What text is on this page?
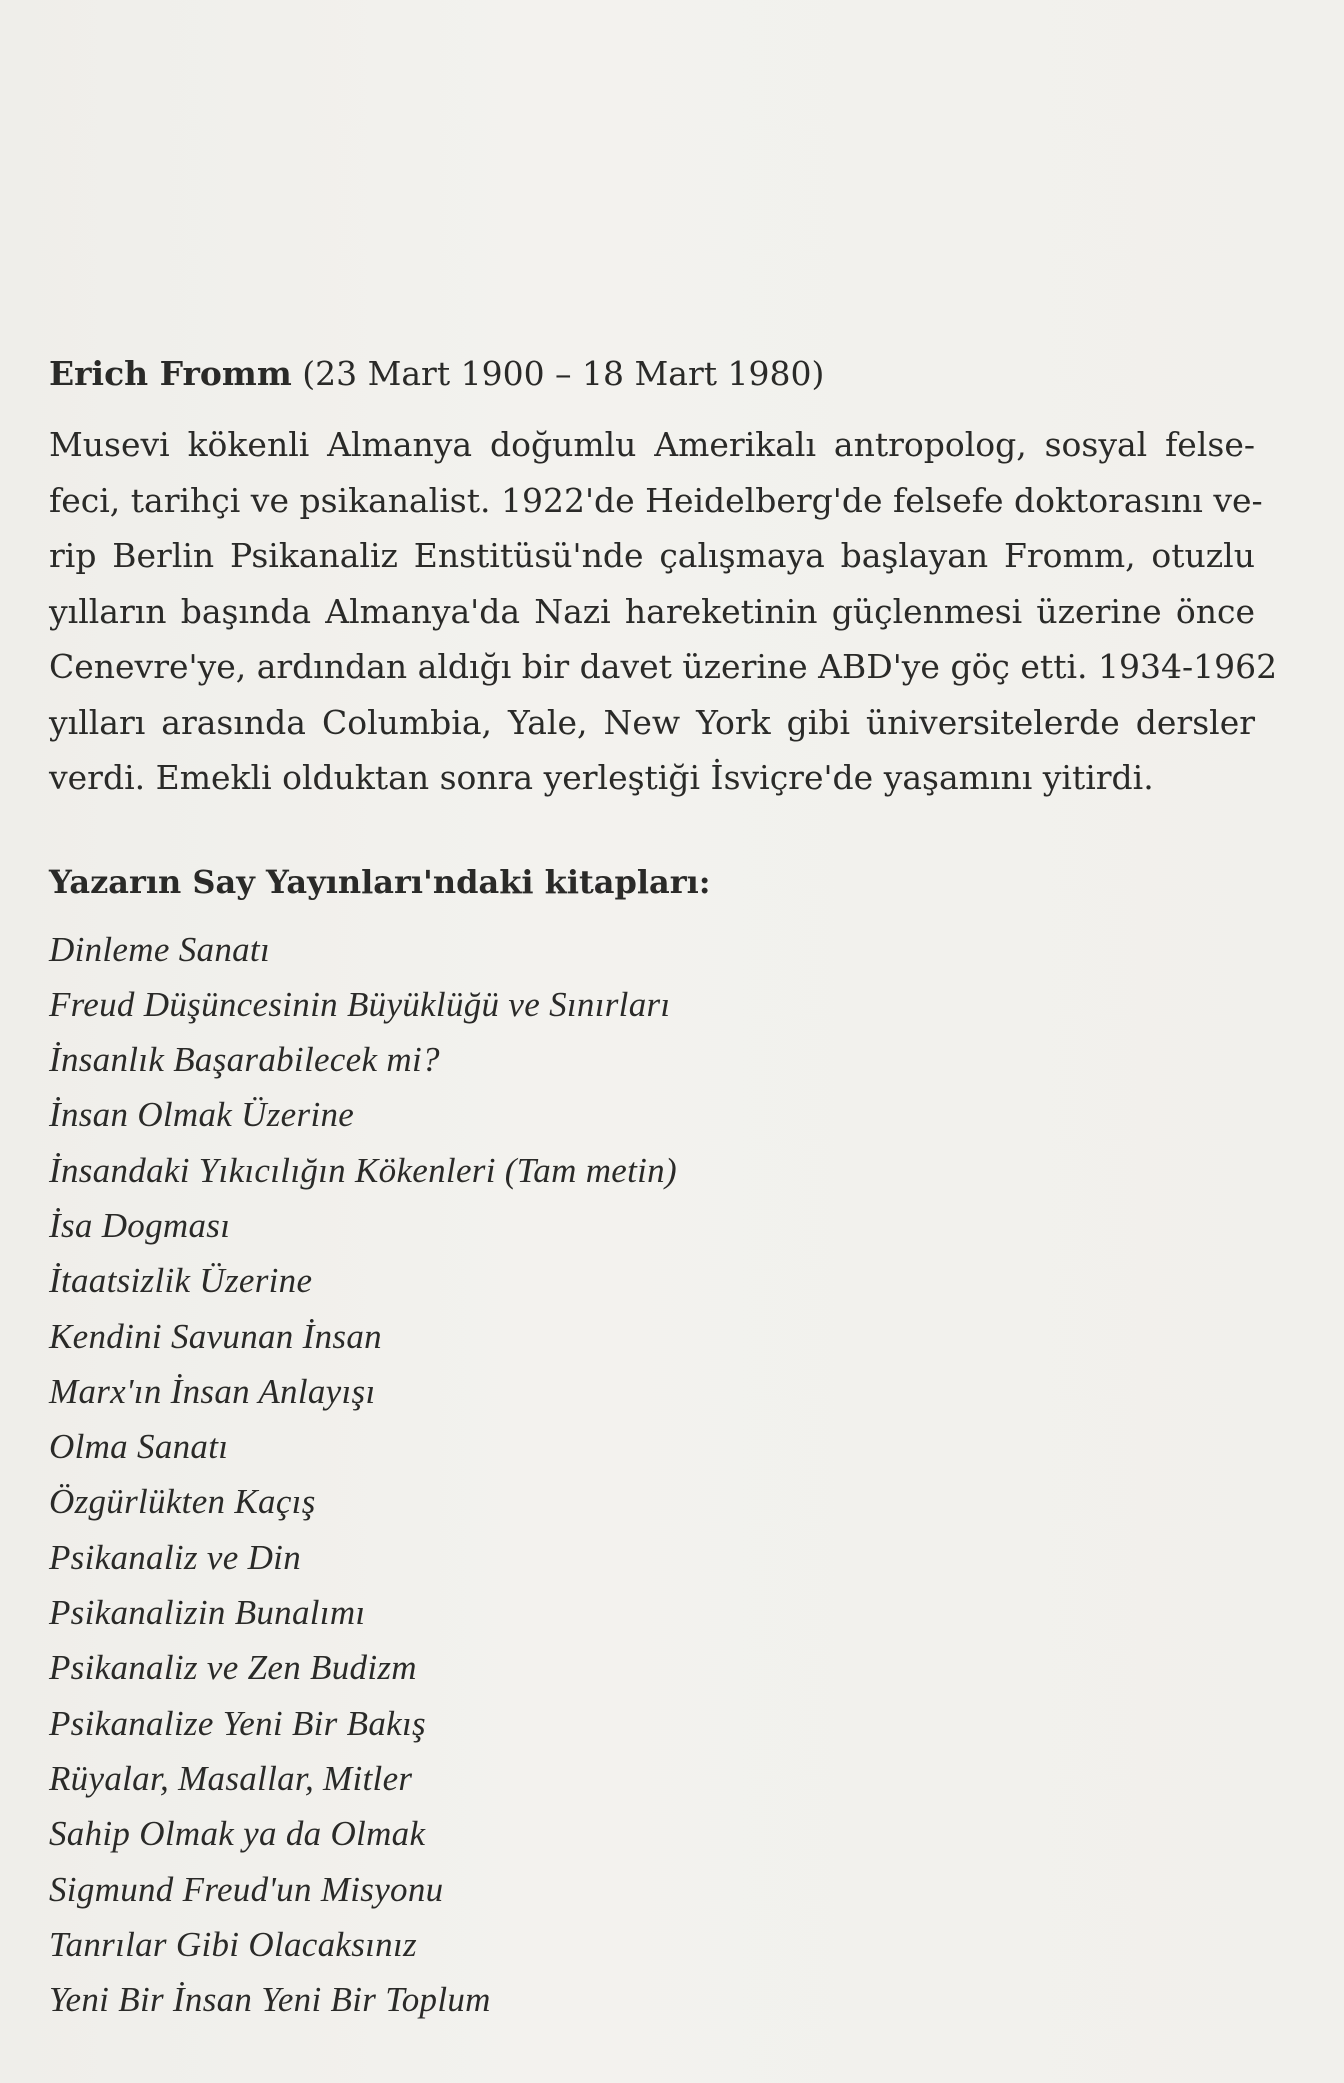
Erich Fromm (23 Mart 1900 – 18 Mart 1980)

Musevi kökenli Almanya doğumlu Amerikalı antropolog, sosyal felse-
feci, tarihçi ve psikanalist. 1922'de Heidelberg'de felsefe doktorasını ve-
rip Berlin Psikanaliz Enstitüsü'nde çalışmaya başlayan Fromm, otuzlu
yılların başında Almanya'da Nazi hareketinin güçlenmesi üzerine önce
Cenevre'ye, ardından aldığı bir davet üzerine ABD'ye göç etti. 1934-1962
yılları arasında Columbia, Yale, New York gibi üniversitelerde dersler
verdi. Emekli olduktan sonra yerleştiği İsviçre'de yaşamını yitirdi.

Yazarın Say Yayınları'ndaki kitapları:
Dinleme Sanatı
Freud Düşüncesinin Büyüklüğü ve Sınırları
İnsanlık Başarabilecek mi?
İnsan Olmak Üzerine
İnsandaki Yıkıcılığın Kökenleri (Tam metin)
İsa Dogması
İtaatsizlik Üzerine
Kendini Savunan İnsan
Marx'ın İnsan Anlayışı
Olma Sanatı
Özgürlükten Kaçış
Psikanaliz ve Din
Psikanalizin Bunalımı
Psikanaliz ve Zen Budizm
Psikanalize Yeni Bir Bakış
Rüyalar, Masallar, Mitler
Sahip Olmak ya da Olmak
Sigmund Freud'un Misyonu
Tanrılar Gibi Olacaksınız
Yeni Bir İnsan Yeni Bir Toplum
